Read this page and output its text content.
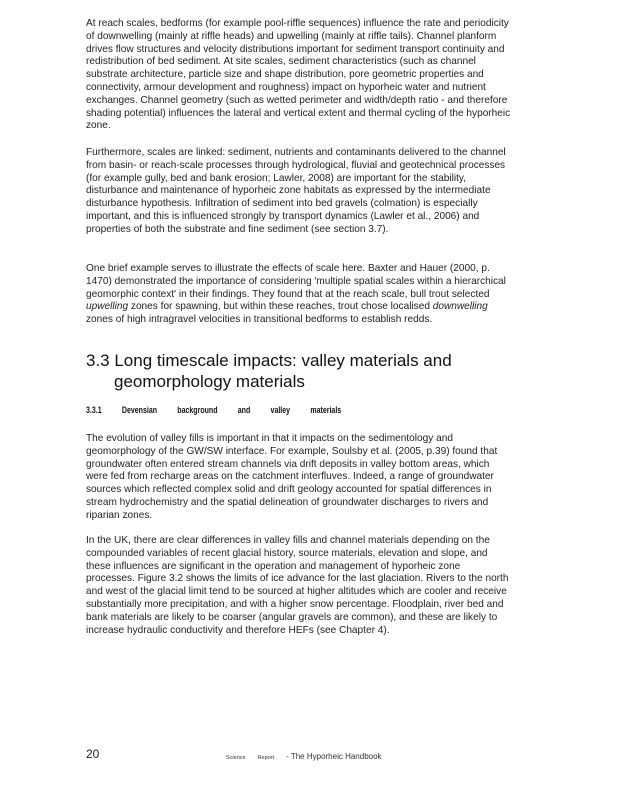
At reach scales, bedforms (for example pool-riffle sequences) influence the rate and periodicity of downwelling (mainly at riffle heads) and upwelling (mainly at riffle tails). Channel planform drives flow structures and velocity distributions important for sediment transport continuity and redistribution of bed sediment. At site scales, sediment characteristics (such as channel substrate architecture, particle size and shape distribution, pore geometric properties and connectivity, armour development and roughness) impact on hyporheic water and nutrient exchanges. Channel geometry (such as wetted perimeter and width/depth ratio - and therefore shading potential) influences the lateral and vertical extent and thermal cycling of the hyporheic zone.

Furthermore, scales are linked: sediment, nutrients and contaminants delivered to the channel from basin- or reach-scale processes through hydrological, fluvial and geotechnical processes (for example gully, bed and bank erosion; Lawler, 2008) are important for the stability, disturbance and maintenance of hyporheic zone habitats as expressed by the intermediate disturbance hypothesis. Infiltration of sediment into bed gravels (colmation) is especially important, and this is influenced strongly by transport dynamics (Lawler et al., 2006) and properties of both the substrate and fine sediment (see section 3.7).

One brief example serves to illustrate the effects of scale here. Baxter and Hauer (2000, p. 1470) demonstrated the importance of considering 'multiple spatial scales within a hierarchical geomorphic context' in their findings. They found that at the reach scale, bull trout selected upwelling zones for spawning, but within these reaches, trout chose localised downwelling zones of high intragravel velocities in transitional bedforms to establish redds.

3.3 Long timescale impacts: valley materials and
geomorphology materials
3.3.1 Devensian background and valley materials

The evolution of valley fills is important in that it impacts on the sedimentology and geomorphology of the GW/SW interface. For example, Soulsby et al. (2005, p.39) found that groundwater often entered stream channels via drift deposits in valley bottom areas, which were fed from recharge areas on the catchment interfluves. Indeed, a range of groundwater sources which reflected complex solid and drift geology accounted for spatial differences in stream hydrochemistry and the spatial delineation of groundwater discharges to rivers and riparian zones.

In the UK, there are clear differences in valley fills and channel materials depending on the compounded variables of recent glacial history, source materials, elevation and slope, and these influences are significant in the operation and management of hyporheic zone processes. Figure 3.2 shows the limits of ice advance for the last glaciation. Rivers to the north and west of the glacial limit tend to be sourced at higher altitudes which are cooler and receive substantially more precipitation, and with a higher snow percentage. Floodplain, river bed and bank materials are likely to be coarser (angular gravels are common), and these are likely to increase hydraulic conductivity and therefore HEFs (see Chapter 4).

20	Science Report - The Hyporheic Handbook
